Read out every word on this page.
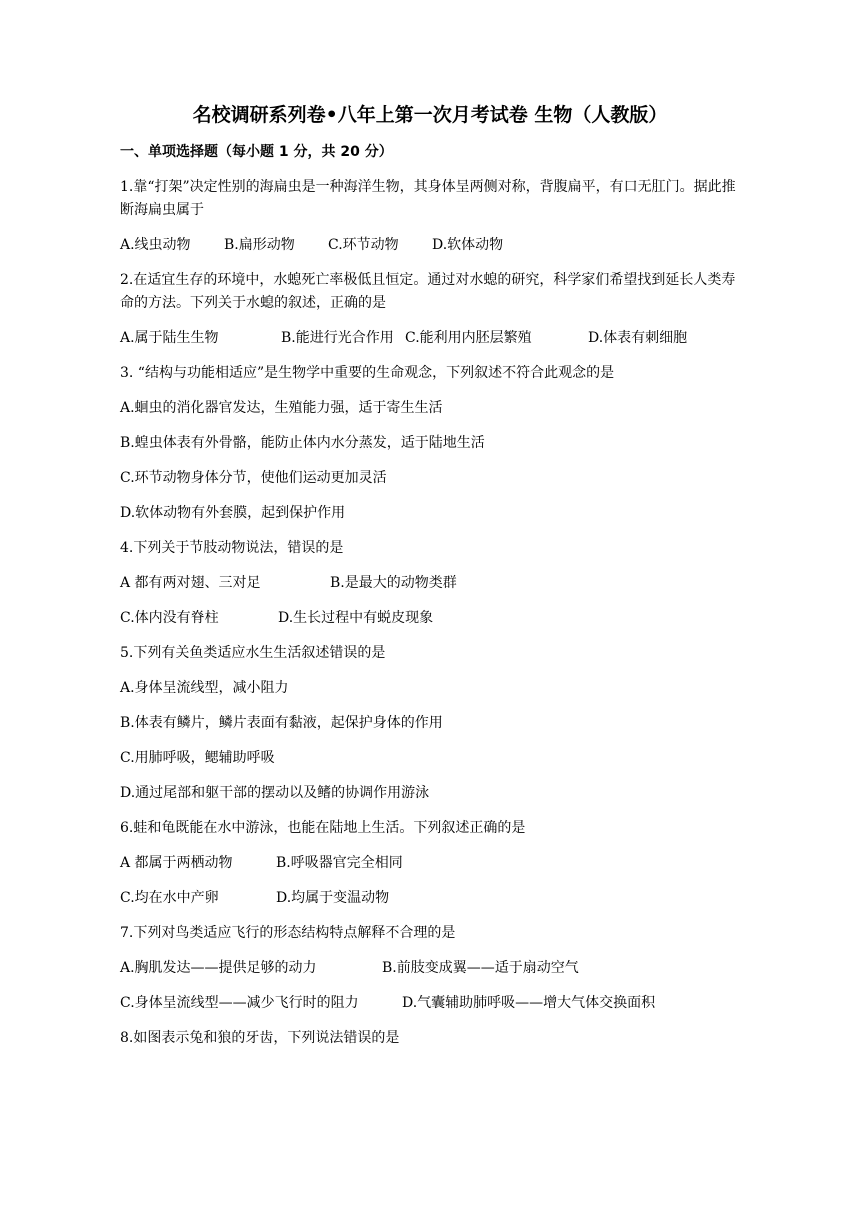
名校调研系列卷•八年上第一次月考试卷 生物（人教版）
一、单项选择题（每小题 1 分，共 20 分）
1.靠“打架”决定性别的海扁虫是一种海洋生物，其身体呈两侧对称，背腹扁平，有口无肛门。据此推断海扁虫属于
A.线虫动物	B.扁形动物	C.环节动物	D.软体动物
2.在适宜生存的环境中，水螅死亡率极低且恒定。通过对水螅的研究，科学家们希望找到延长人类寿命的方法。下列关于水螅的叙述，正确的是
A.属于陆生生物	B.能进行光合作用 C.能利用内胚层繁殖	D.体表有刺细胞
3. “结构与功能相适应”是生物学中重要的生命观念，下列叙述不符合此观念的是
A.蛔虫的消化器官发达，生殖能力强，适于寄生生活
B.蝗虫体表有外骨骼，能防止体内水分蒸发，适于陆地生活
C.环节动物身体分节，使他们运动更加灵活
D.软体动物有外套膜，起到保护作用
4.下列关于节肢动物说法，错误的是
A 都有两对翅、三对足	B.是最大的动物类群
C.体内没有脊柱	D.生长过程中有蜕皮现象
5.下列有关鱼类适应水生生活叙述错误的是
A.身体呈流线型，减小阻力
B.体表有鳞片，鳞片表面有黏液，起保护身体的作用
C.用肺呼吸，鳃辅助呼吸
D.通过尾部和躯干部的摆动以及鳍的协调作用游泳
6.蛙和龟既能在水中游泳，也能在陆地上生活。下列叙述正确的是
A 都属于两栖动物	B.呼吸器官完全相同
C.均在水中产卵	D.均属于变温动物
7.下列对鸟类适应飞行的形态结构特点解释不合理的是
A.胸肌发达——提供足够的动力	B.前肢变成翼——适于扇动空气
C.身体呈流线型——减少飞行时的阻力	D.气囊辅助肺呼吸——增大气体交换面积
8.如图表示兔和狼的牙齿，下列说法错误的是
